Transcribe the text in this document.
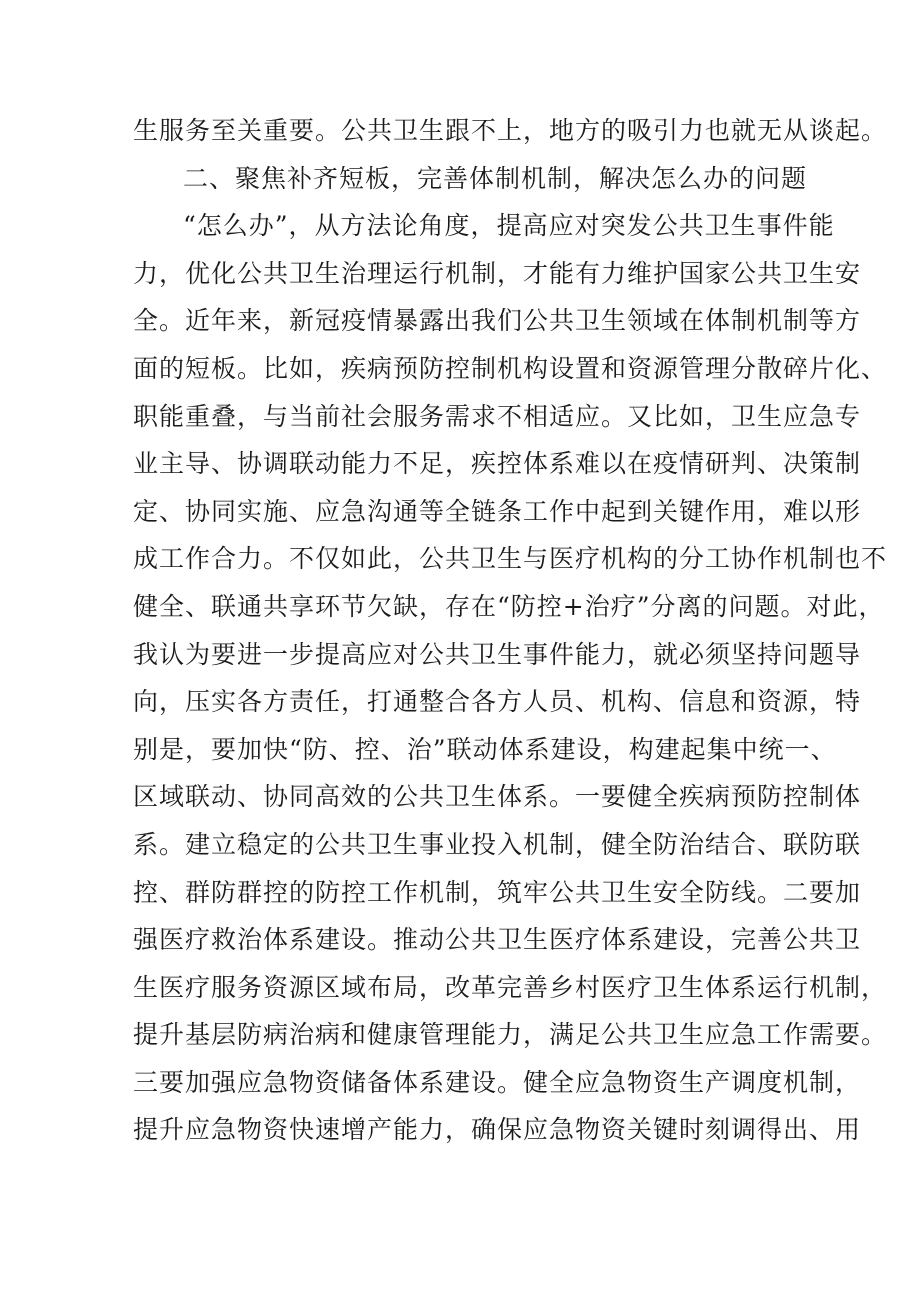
生服务至关重要。公共卫生跟不上，地方的吸引力也就无从谈起。
二、聚焦补齐短板，完善体制机制，解决怎么办的问题
“怎么办”，从方法论角度，提高应对突发公共卫生事件能
力，优化公共卫生治理运行机制，才能有力维护国家公共卫生安
全。近年来，新冠疫情暴露出我们公共卫生领域在体制机制等方
面的短板。比如，疾病预防控制机构设置和资源管理分散碎片化、
职能重叠，与当前社会服务需求不相适应。又比如，卫生应急专
业主导、协调联动能力不足，疾控体系难以在疫情研判、决策制
定、协同实施、应急沟通等全链条工作中起到关键作用，难以形
成工作合力。不仅如此，公共卫生与医疗机构的分工协作机制也不
健全、联通共享环节欠缺，存在“防控+治疗”分离的问题。对此，
我认为要进一步提高应对公共卫生事件能力，就必须坚持问题导
向，压实各方责任，打通整合各方人员、机构、信息和资源，特
别是，要加快“防、控、治”联动体系建设，构建起集中统一、
区域联动、协同高效的公共卫生体系。一要健全疾病预防控制体
系。建立稳定的公共卫生事业投入机制，健全防治结合、联防联
控、群防群控的防控工作机制，筑牢公共卫生安全防线。二要加
强医疗救治体系建设。推动公共卫生医疗体系建设，完善公共卫
生医疗服务资源区域布局，改革完善乡村医疗卫生体系运行机制，
提升基层防病治病和健康管理能力，满足公共卫生应急工作需要。
三要加强应急物资储备体系建设。健全应急物资生产调度机制，
提升应急物资快速增产能力，确保应急物资关键时刻调得出、用
